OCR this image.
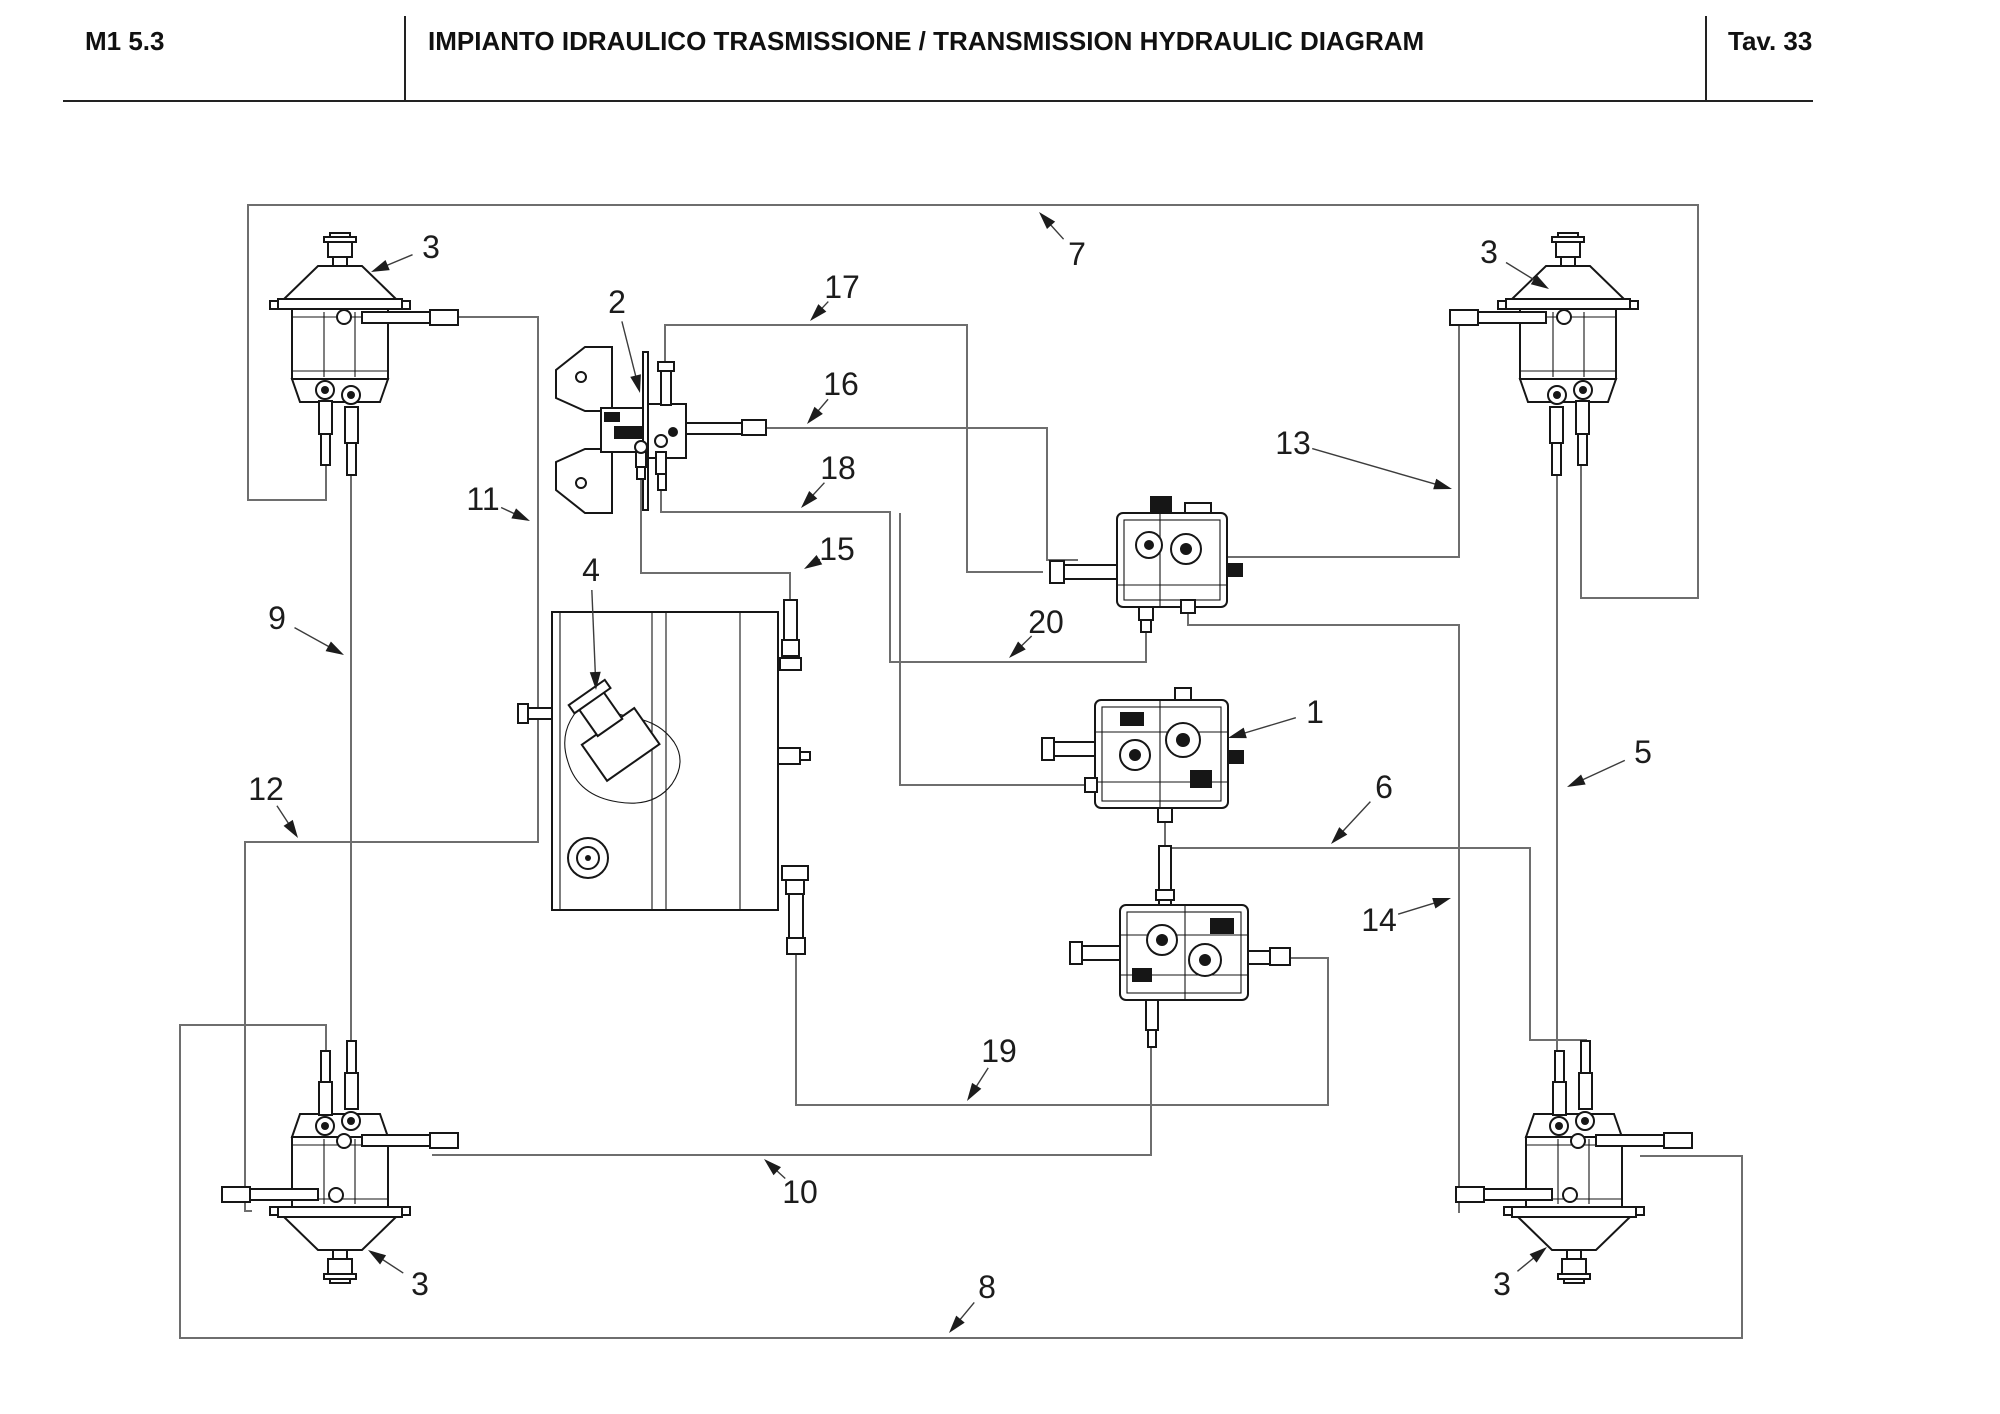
M1 5.3	IMPIANTO IDRAULICO TRASMISSIONE / TRANSMISSION HYDRAULIC DIAGRAM	Tav. 33
3	3
3	3
2	17
16
18
15
4
11
9
12
7
13
20
1
6
5
19
10
14
8
